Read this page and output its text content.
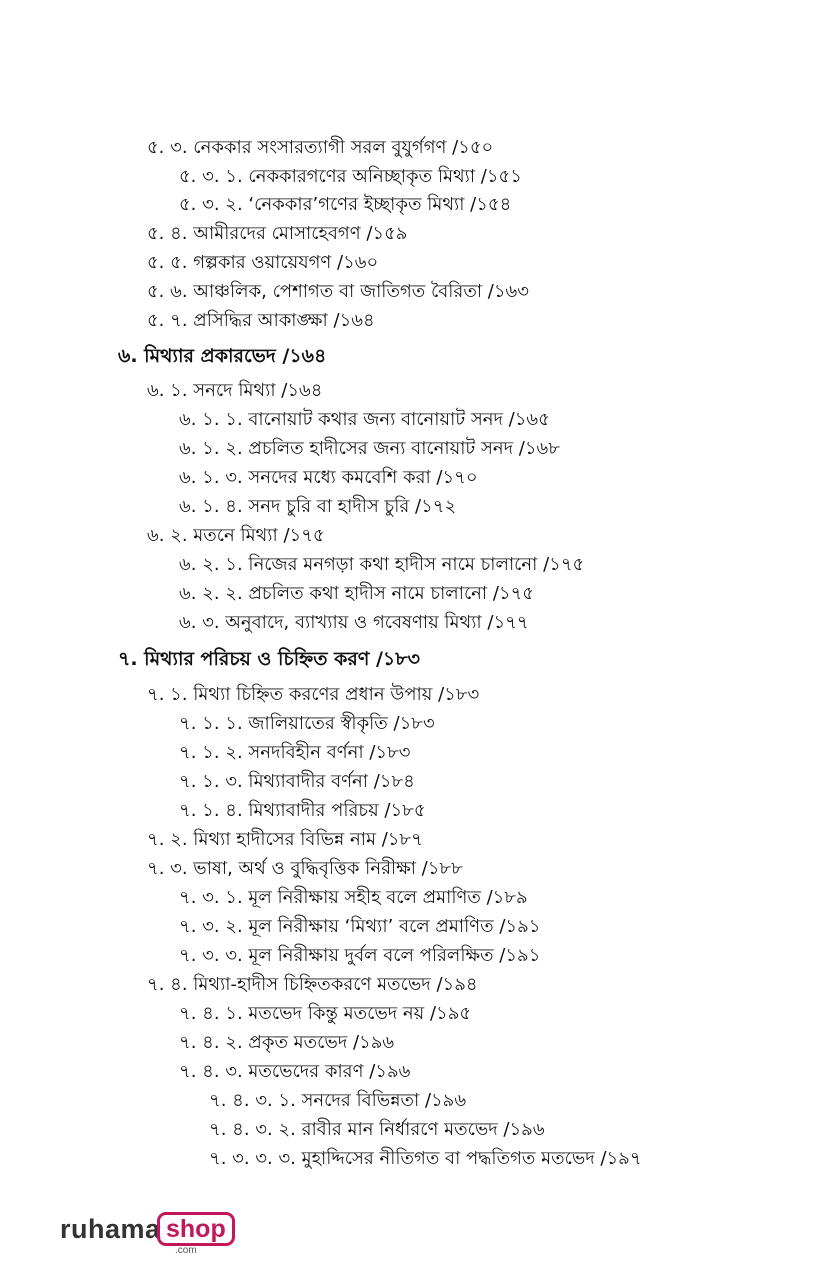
৫. ৩. নেককার সংসারত্যাগী সরল বুযুর্গগণ /১৫০
৫. ৩. ১. নেককারগণের অনিচ্ছাকৃত মিথ্যা /১৫১
৫. ৩. ২. ‘নেককার’গণের ইচ্ছাকৃত মিথ্যা /১৫৪
৫. ৪. আমীরদের মোসাহেবগণ /১৫৯
৫. ৫. গল্পকার ওয়ায়েযগণ /১৬০
৫. ৬. আঞ্চলিক, পেশাগত বা জাতিগত বৈরিতা /১৬৩
৫. ৭. প্রসিদ্ধির আকাঙ্ক্ষা /১৬৪
৬. মিথ্যার প্রকারভেদ /১৬৪
৬. ১. সনদে মিথ্যা /১৬৪
৬. ১. ১. বানোয়াট কথার জন্য বানোয়াট সনদ /১৬৫
৬. ১. ২. প্রচলিত হাদীসের জন্য বানোয়াট সনদ /১৬৮
৬. ১. ৩. সনদের মধ্যে কমবেশি করা /১৭০
৬. ১. ৪. সনদ চুরি বা হাদীস চুরি /১৭২
৬. ২. মতনে মিথ্যা /১৭৫
৬. ২. ১. নিজের মনগড়া কথা হাদীস নামে চালানো /১৭৫
৬. ২. ২. প্রচলিত কথা হাদীস নামে চালানো /১৭৫
৬. ৩. অনুবাদে, ব্যাখ্যায় ও গবেষণায় মিথ্যা /১৭৭
৭. মিথ্যার পরিচয় ও চিহ্নিত করণ /১৮৩
৭. ১. মিথ্যা চিহ্নিত করণের প্রধান উপায় /১৮৩
৭. ১. ১. জালিয়াতের স্বীকৃতি /১৮৩
৭. ১. ২. সনদবিহীন বর্ণনা /১৮৩
৭. ১. ৩. মিথ্যাবাদীর বর্ণনা /১৮৪
৭. ১. ৪. মিথ্যাবাদীর পরিচয় /১৮৫
৭. ২. মিথ্যা হাদীসের বিভিন্ন নাম /১৮৭
৭. ৩. ভাষা, অর্থ ও বুদ্ধিবৃত্তিক নিরীক্ষা /১৮৮
৭. ৩. ১. মূল নিরীক্ষায় সহীহ বলে প্রমাণিত /১৮৯
৭. ৩. ২. মূল নিরীক্ষায় ‘মিথ্যা’ বলে প্রমাণিত /১৯১
৭. ৩. ৩. মূল নিরীক্ষায় দুর্বল বলে পরিলক্ষিত /১৯১
৭. ৪. মিথ্যা-হাদীস চিহ্নিতকরণে মতভেদ /১৯৪
৭. ৪. ১. মতভেদ কিন্তু মতভেদ নয় /১৯৫
৭. ৪. ২. প্রকৃত মতভেদ /১৯৬
৭. ৪. ৩. মতভেদের কারণ /১৯৬
৭. ৪. ৩. ১. সনদের বিভিন্নতা /১৯৬
৭. ৪. ৩. ২. রাবীর মান নির্ধারণে মতভেদ /১৯৬
৭. ৩. ৩. ৩. মুহাদ্দিসের নীতিগত বা পদ্ধতিগত মতভেদ /১৯৭
ruhama shop
.com
